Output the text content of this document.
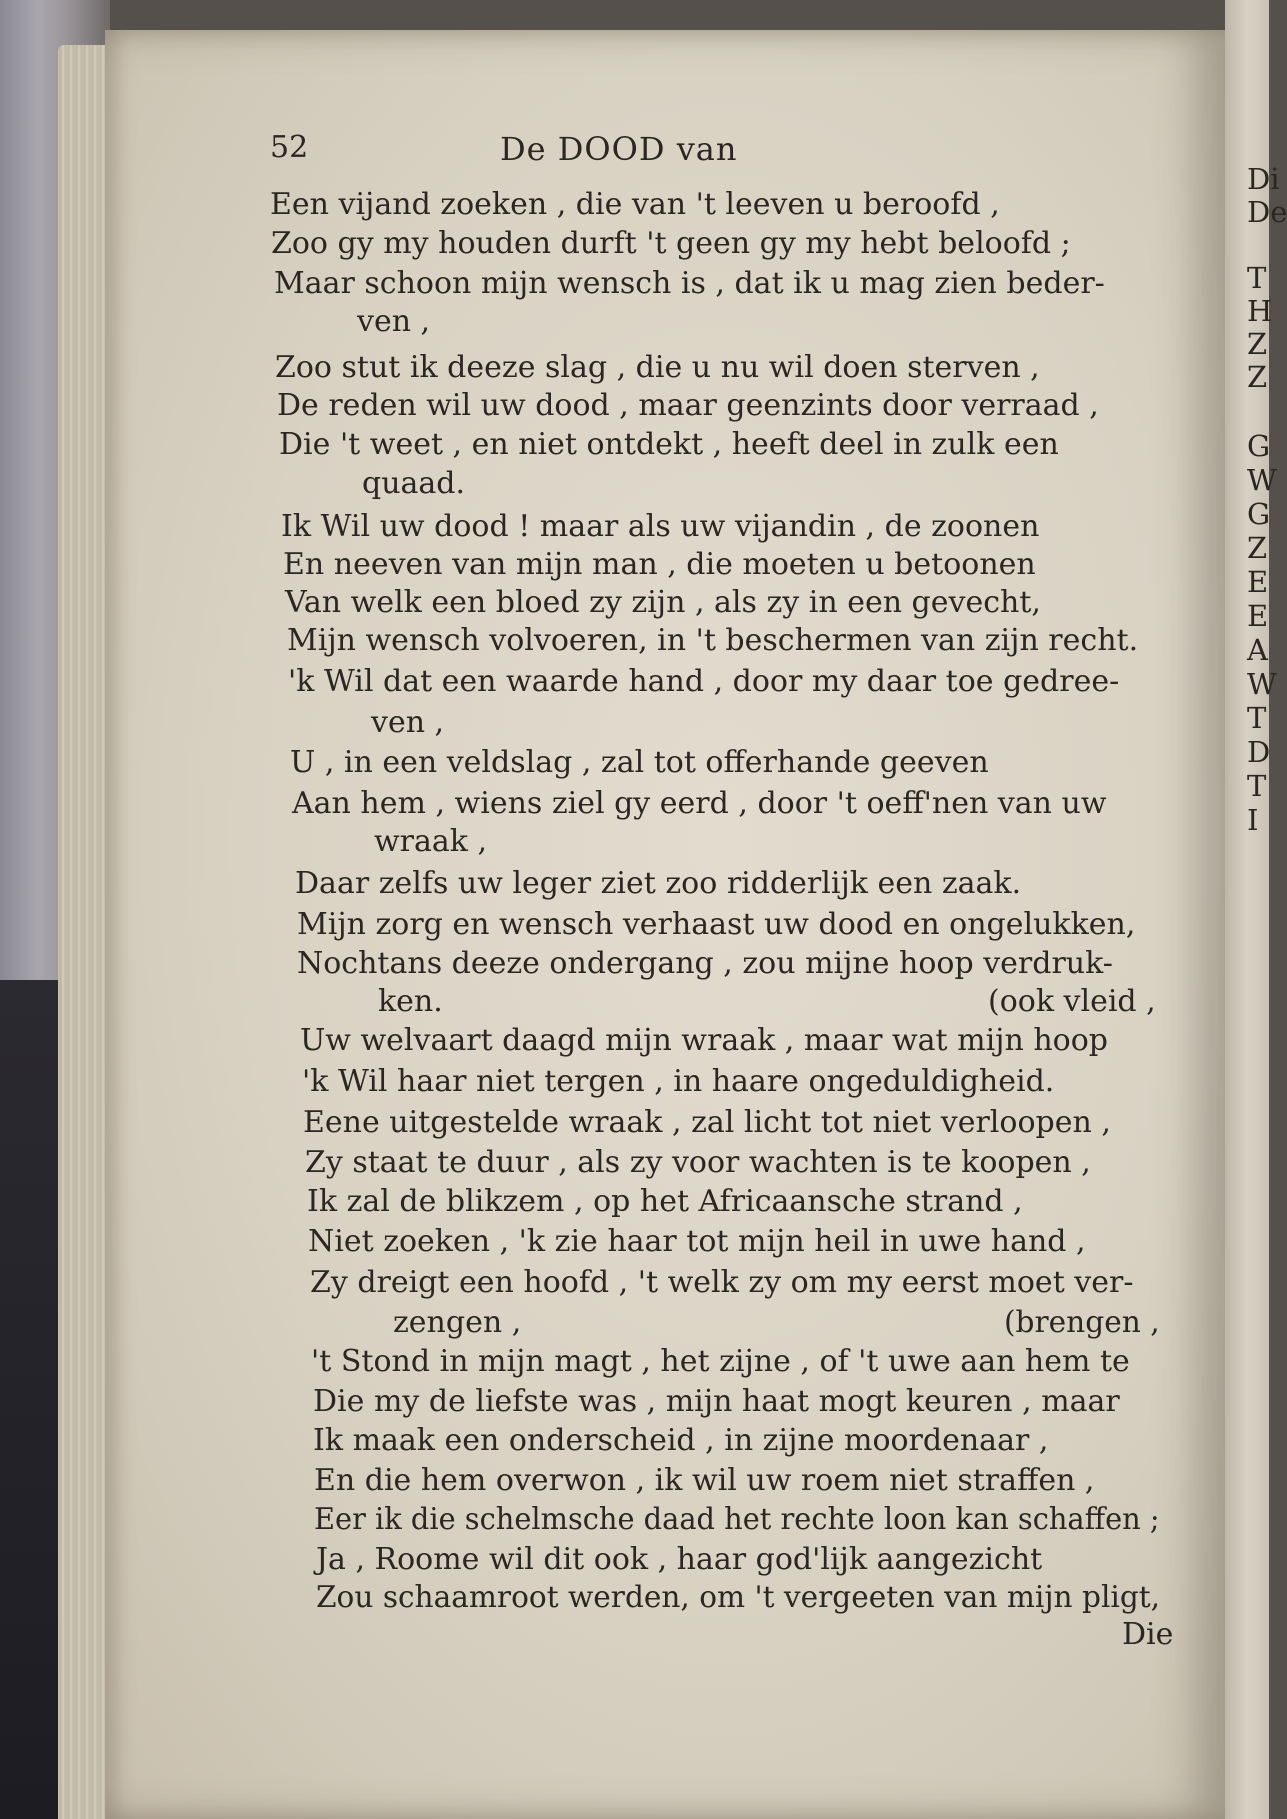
Di
De
T
H
Z
Z
G
W
G
Z
E
E
A
W
T
D
T
I
52	De DOOD van
Een vijand zoeken , die van 't leeven u beroofd ,
Zoo gy my houden durft 't geen gy my hebt beloofd ;
Maar schoon mijn wensch is , dat ik u mag zien beder-
ven ,
Zoo stut ik deeze slag , die u nu wil doen sterven ,
De reden wil uw dood , maar geenzints door verraad ,
Die 't weet , en niet ontdekt , heeft deel in zulk een
quaad.
Ik Wil uw dood ! maar als uw vijandin , de zoonen
En neeven van mijn man , die moeten u betoonen
Van welk een bloed zy zijn , als zy in een gevecht,
Mijn wensch volvoeren, in 't beschermen van zijn recht.
'k Wil dat een waarde hand , door my daar toe gedree-
ven ,
U , in een veldslag , zal tot offerhande geeven
Aan hem , wiens ziel gy eerd , door 't oeff'nen van uw
wraak ,
Daar zelfs uw leger ziet zoo ridderlijk een zaak.
Mijn zorg en wensch verhaast uw dood en ongelukken,
Nochtans deeze ondergang , zou mijne hoop verdruk-
ken.	(ook vleid ,
Uw welvaart daagd mijn wraak , maar wat mijn hoop
'k Wil haar niet tergen , in haare ongeduldigheid.
Eene uitgestelde wraak , zal licht tot niet verloopen ,
Zy staat te duur , als zy voor wachten is te koopen ,
Ik zal de blikzem , op het Africaansche strand ,
Niet zoeken , 'k zie haar tot mijn heil in uwe hand ,
Zy dreigt een hoofd , 't welk zy om my eerst moet ver-
zengen ,	(brengen ,
't Stond in mijn magt , het zijne , of 't uwe aan hem te
Die my de liefste was , mijn haat mogt keuren , maar
Ik maak een onderscheid , in zijne moordenaar ,
En die hem overwon , ik wil uw roem niet straffen ,
Eer ik die schelmsche daad het rechte loon kan schaffen ;
Ja , Roome wil dit ook , haar god'lijk aangezicht
Zou schaamroot werden, om 't vergeeten van mijn pligt,
Die
